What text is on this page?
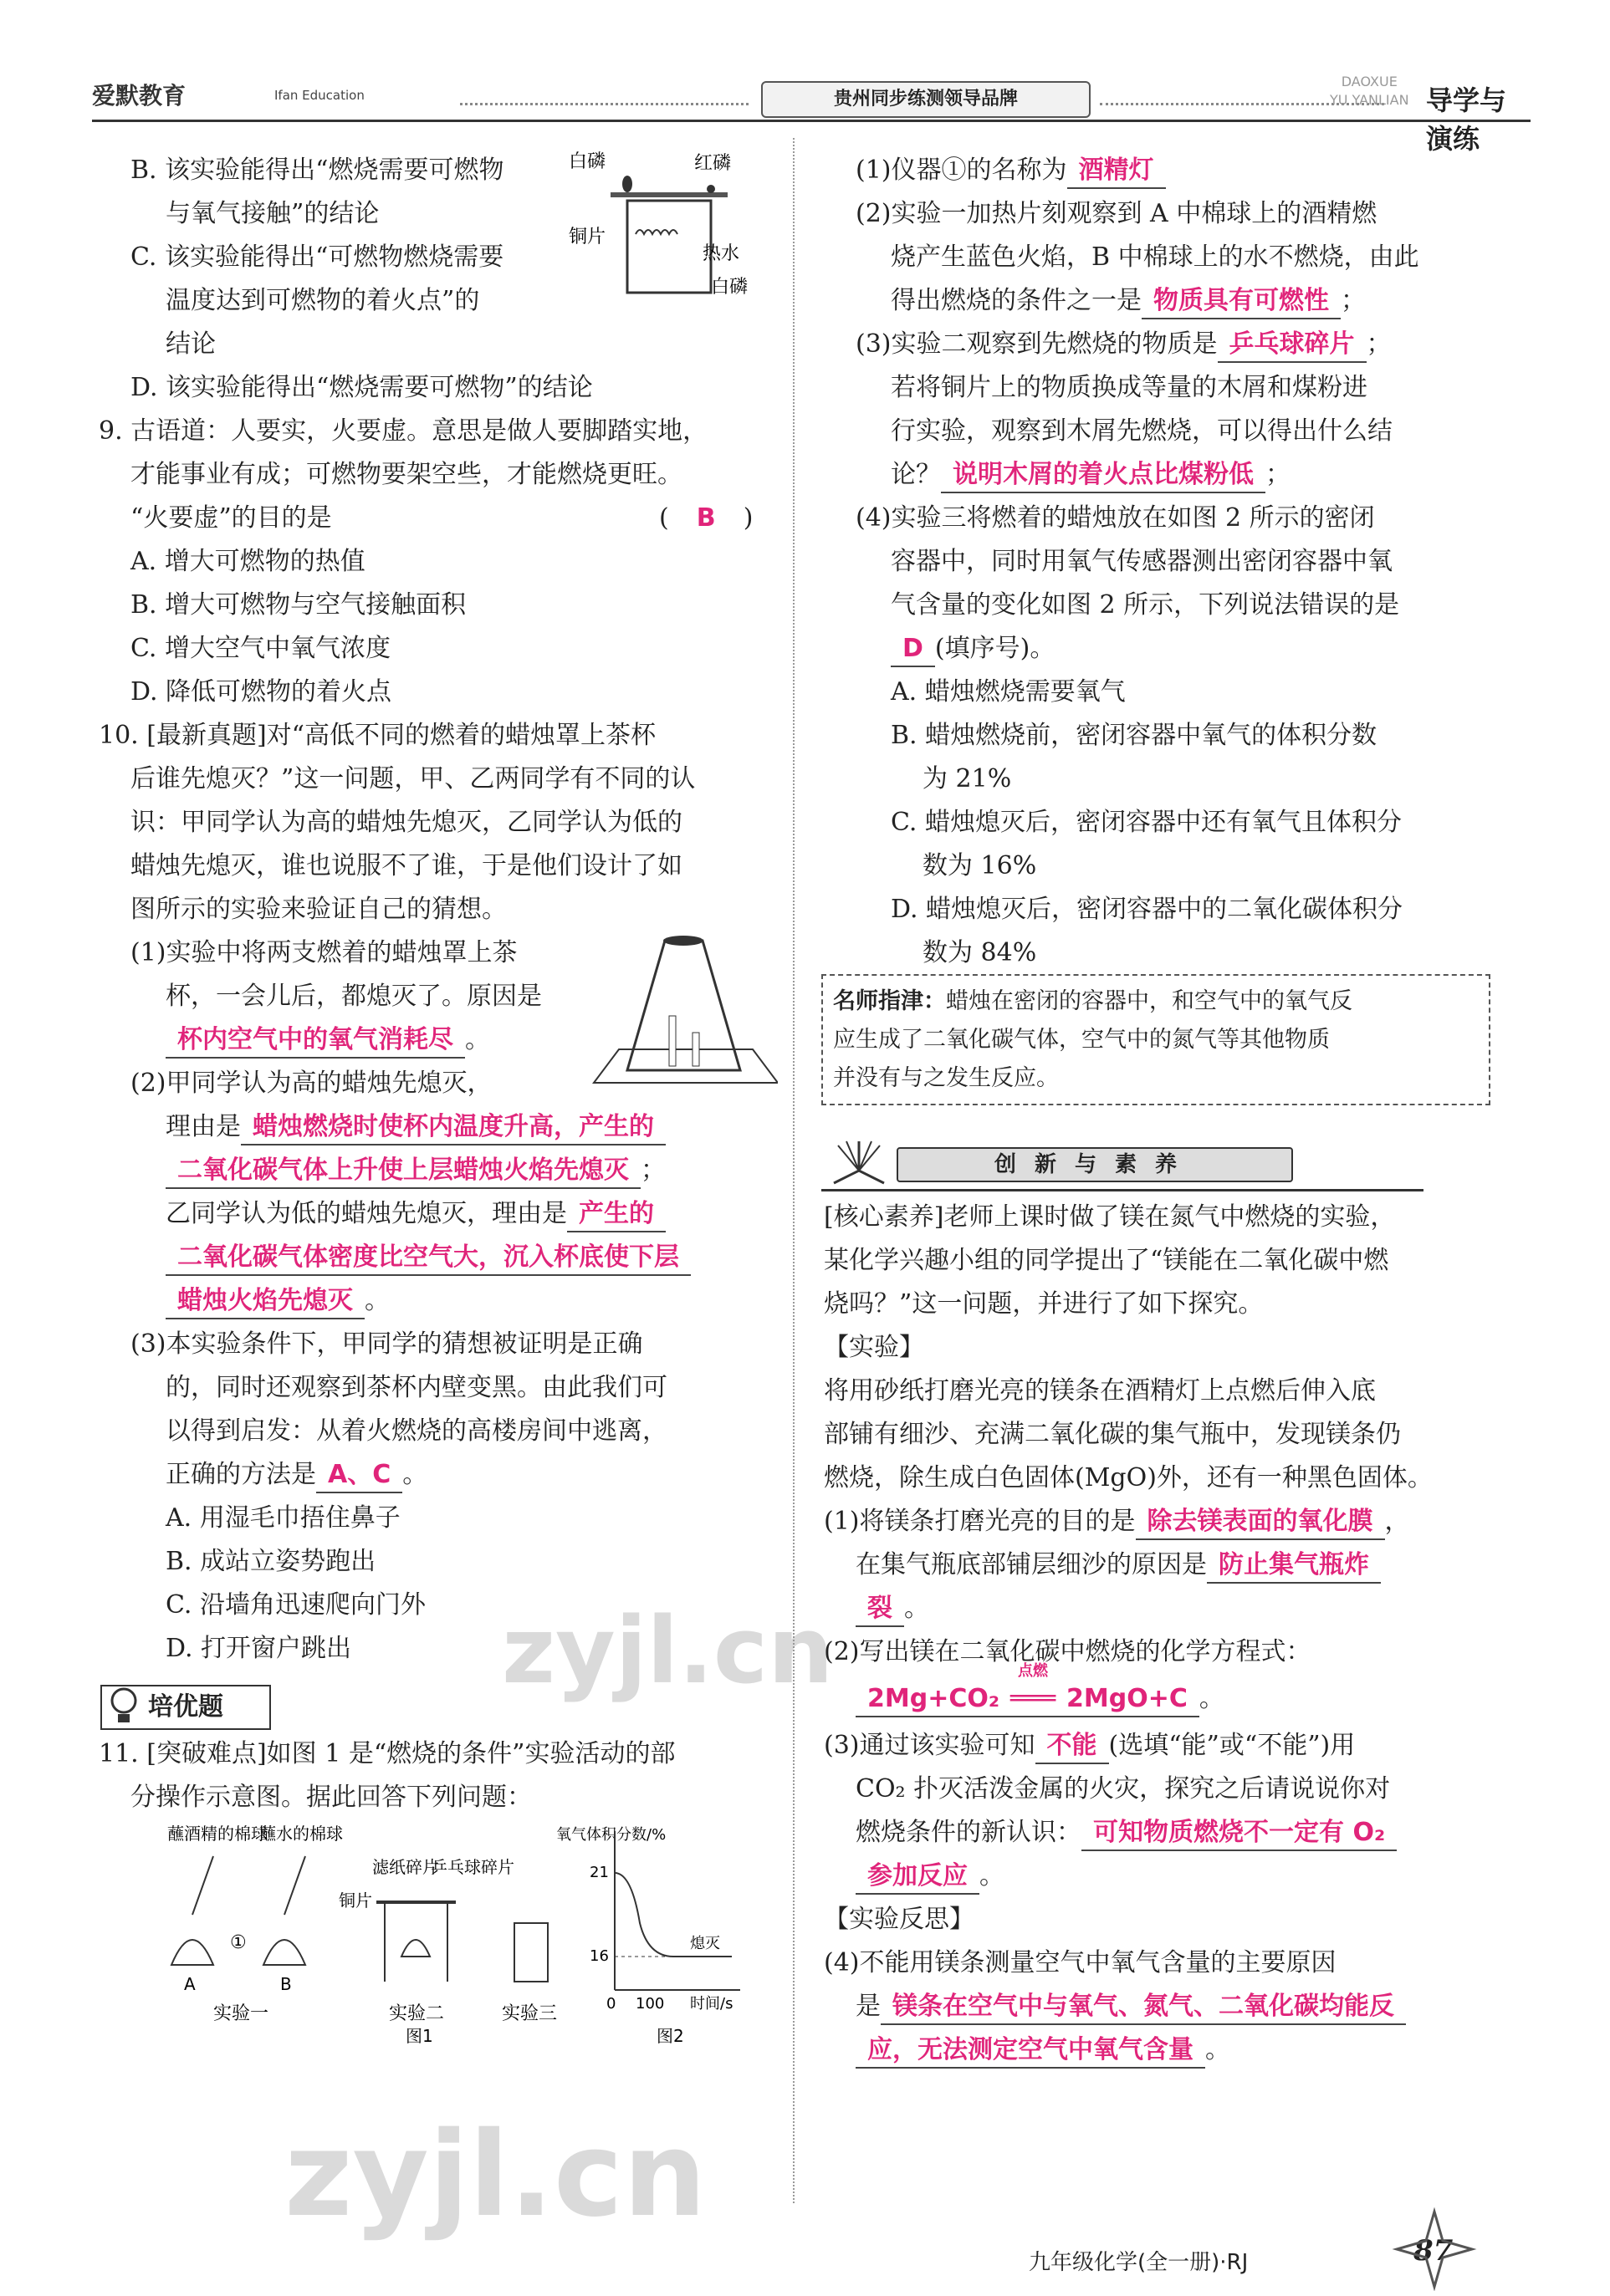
爱默教育	Ifan Education	贵州同步练测领导品牌
DAOXUE
YU YANLIAN 导学与演练

B. 该实验能得出“燃烧需要可燃物

与氧气接触”的结论

C. 该实验能得出“可燃物燃烧需要

温度达到可燃物的着火点”的

结论

D. 该实验能得出“燃烧需要可燃物”的结论

9. 古语道：人要实，火要虚。意思是做人要脚踏实地，

才能事业有成；可燃物要架空些，才能燃烧更旺。

“火要虚”的目的是	(  B  )

A. 增大可燃物的热值

B. 增大可燃物与空气接触面积

C. 增大空气中氧气浓度

D. 降低可燃物的着火点

10. [最新真题]对“高低不同的燃着的蜡烛罩上茶杯

后谁先熄灭？”这一问题，甲、乙两同学有不同的认

识：甲同学认为高的蜡烛先熄灭，乙同学认为低的

蜡烛先熄灭，谁也说服不了谁，于是他们设计了如

图所示的实验来验证自己的猜想。

(1)实验中将两支燃着的蜡烛罩上茶

杯，一会儿后，都熄灭了。原因是

杯内空气中的氧气消耗尽 。

(2)甲同学认为高的蜡烛先熄灭，

理由是 蜡烛燃烧时使杯内温度升高，产生的

二氧化碳气体上升使上层蜡烛火焰先熄灭 ；

乙同学认为低的蜡烛先熄灭，理由是 产生的

二氧化碳气体密度比空气大，沉入杯底使下层

蜡烛火焰先熄灭 。

(3)本实验条件下，甲同学的猜想被证明是正确

的，同时还观察到茶杯内壁变黑。由此我们可

以得到启发：从着火燃烧的高楼房间中逃离，

正确的方法是 A、C 。

A. 用湿毛巾捂住鼻子

B. 成站立姿势跑出

C. 沿墙角迅速爬向门外

D. 打开窗户跳出

培优题

11. [突破难点]如图 1 是“燃烧的条件”实验活动的部

分操作示意图。据此回答下列问题：

白磷	红磷
铜片
热水
白磷
蘸酒精的棉球
蘸水的棉球
①
A	B
实验一
滤纸碎片
乒乓球碎片
铜片
实验二	实验三
图1
氧气体积分数/%
21
16
熄灭
0 100 时间/s
图2

(1)仪器①的名称为 酒精灯

(2)实验一加热片刻观察到 A 中棉球上的酒精燃

烧产生蓝色火焰，B 中棉球上的水不燃烧，由此

得出燃烧的条件之一是 物质具有可燃性 ；

(3)实验二观察到先燃烧的物质是 乒乓球碎片 ；

若将铜片上的物质换成等量的木屑和煤粉进

行实验，观察到木屑先燃烧，可以得出什么结

论？ 说明木屑的着火点比煤粉低 ；

(4)实验三将燃着的蜡烛放在如图 2 所示的密闭

容器中，同时用氧气传感器测出密闭容器中氧

气含量的变化如图 2 所示，下列说法错误的是

D (填序号)。

A. 蜡烛燃烧需要氧气

B. 蜡烛燃烧前，密闭容器中氧气的体积分数

为 21%

C. 蜡烛熄灭后，密闭容器中还有氧气且体积分

数为 16%

D. 蜡烛熄灭后，密闭容器中的二氧化碳体积分

数为 84%

名师指津：蜡烛在密闭的容器中，和空气中的氧气反
应生成了二氧化碳气体，空气中的氮气等其他物质
并没有与之发生反应。
创新与素养

[核心素养]老师上课时做了镁在氮气中燃烧的实验，

某化学兴趣小组的同学提出了“镁能在二氧化碳中燃

烧吗？”这一问题，并进行了如下探究。

【实验】

将用砂纸打磨光亮的镁条在酒精灯上点燃后伸入底

部铺有细沙、充满二氧化碳的集气瓶中，发现镁条仍

燃烧，除生成白色固体(MgO)外，还有一种黑色固体。

(1)将镁条打磨光亮的目的是 除去镁表面的氧化膜 ，

在集气瓶底部铺层细沙的原因是 防止集气瓶炸

裂 。

(2)写出镁在二氧化碳中燃烧的化学方程式：

2Mg+CO₂
点燃
═══ 2MgO+C 。

(3)通过该实验可知 不能 (选填“能”或“不能”)用

CO₂ 扑灭活泼金属的火灾，探究之后请说说你对

燃烧条件的新认识： 可知物质燃烧不一定有 O₂

参加反应 。

【实验反思】

(4)不能用镁条测量空气中氧气含量的主要原因

是 镁条在空气中与氧气、氮气、二氧化碳均能反

应，无法测定空气中氧气含量 。

zyjl.cn
zyjl.cn
九年级化学(全一册)·RJ	87
